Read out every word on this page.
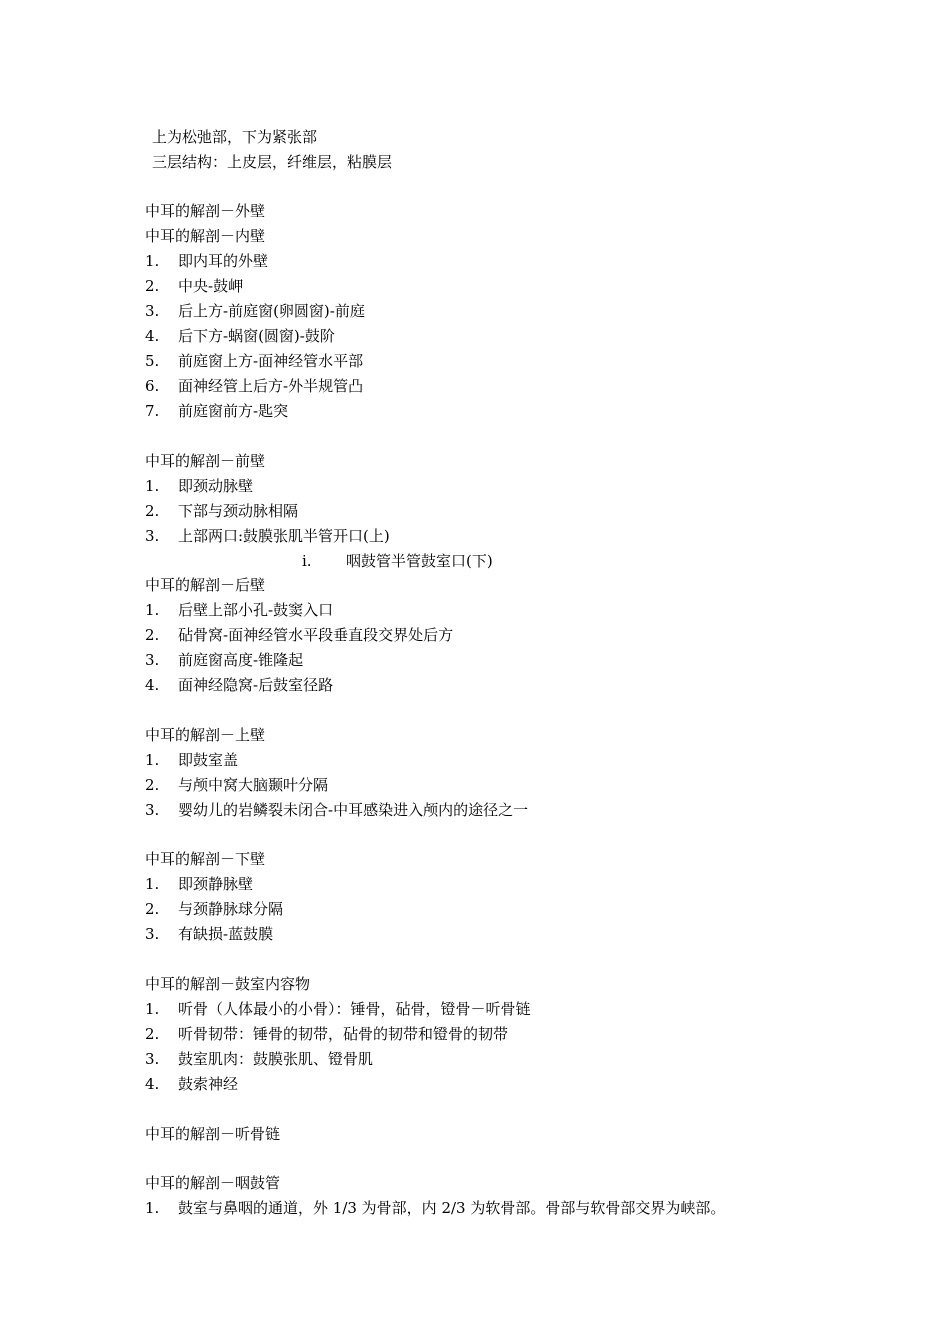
上为松弛部，下为紧张部
三层结构：上皮层，纤维层，粘膜层
中耳的解剖－外壁
中耳的解剖－内壁
1. 即内耳的外壁
2. 中央-鼓岬
3. 后上方-前庭窗(卵圆窗)-前庭
4. 后下方-蜗窗(圆窗)-鼓阶
5. 前庭窗上方-面神经管水平部
6. 面神经管上后方-外半规管凸
7. 前庭窗前方-匙突
中耳的解剖－前壁
1. 即颈动脉壁
2. 下部与颈动脉相隔
3. 上部两口:鼓膜张肌半管开口(上)
i. 咽鼓管半管鼓室口(下)
中耳的解剖－后壁
1. 后壁上部小孔-鼓窦入口
2. 砧骨窝-面神经管水平段垂直段交界处后方
3. 前庭窗高度-锥隆起
4. 面神经隐窝-后鼓室径路
中耳的解剖－上壁
1. 即鼓室盖
2. 与颅中窝大脑颞叶分隔
3. 婴幼儿的岩鳞裂未闭合-中耳感染进入颅内的途径之一
中耳的解剖－下壁
1. 即颈静脉壁
2. 与颈静脉球分隔
3. 有缺损-蓝鼓膜
中耳的解剖－鼓室内容物
1. 听骨（人体最小的小骨）：锤骨，砧骨，镫骨－听骨链
2. 听骨韧带：锤骨的韧带，砧骨的韧带和镫骨的韧带
3. 鼓室肌肉：鼓膜张肌、镫骨肌
4. 鼓索神经
中耳的解剖－听骨链
中耳的解剖－咽鼓管
1. 鼓室与鼻咽的通道，外 1/3 为骨部，内 2/3 为软骨部。骨部与软骨部交界为峡部。
